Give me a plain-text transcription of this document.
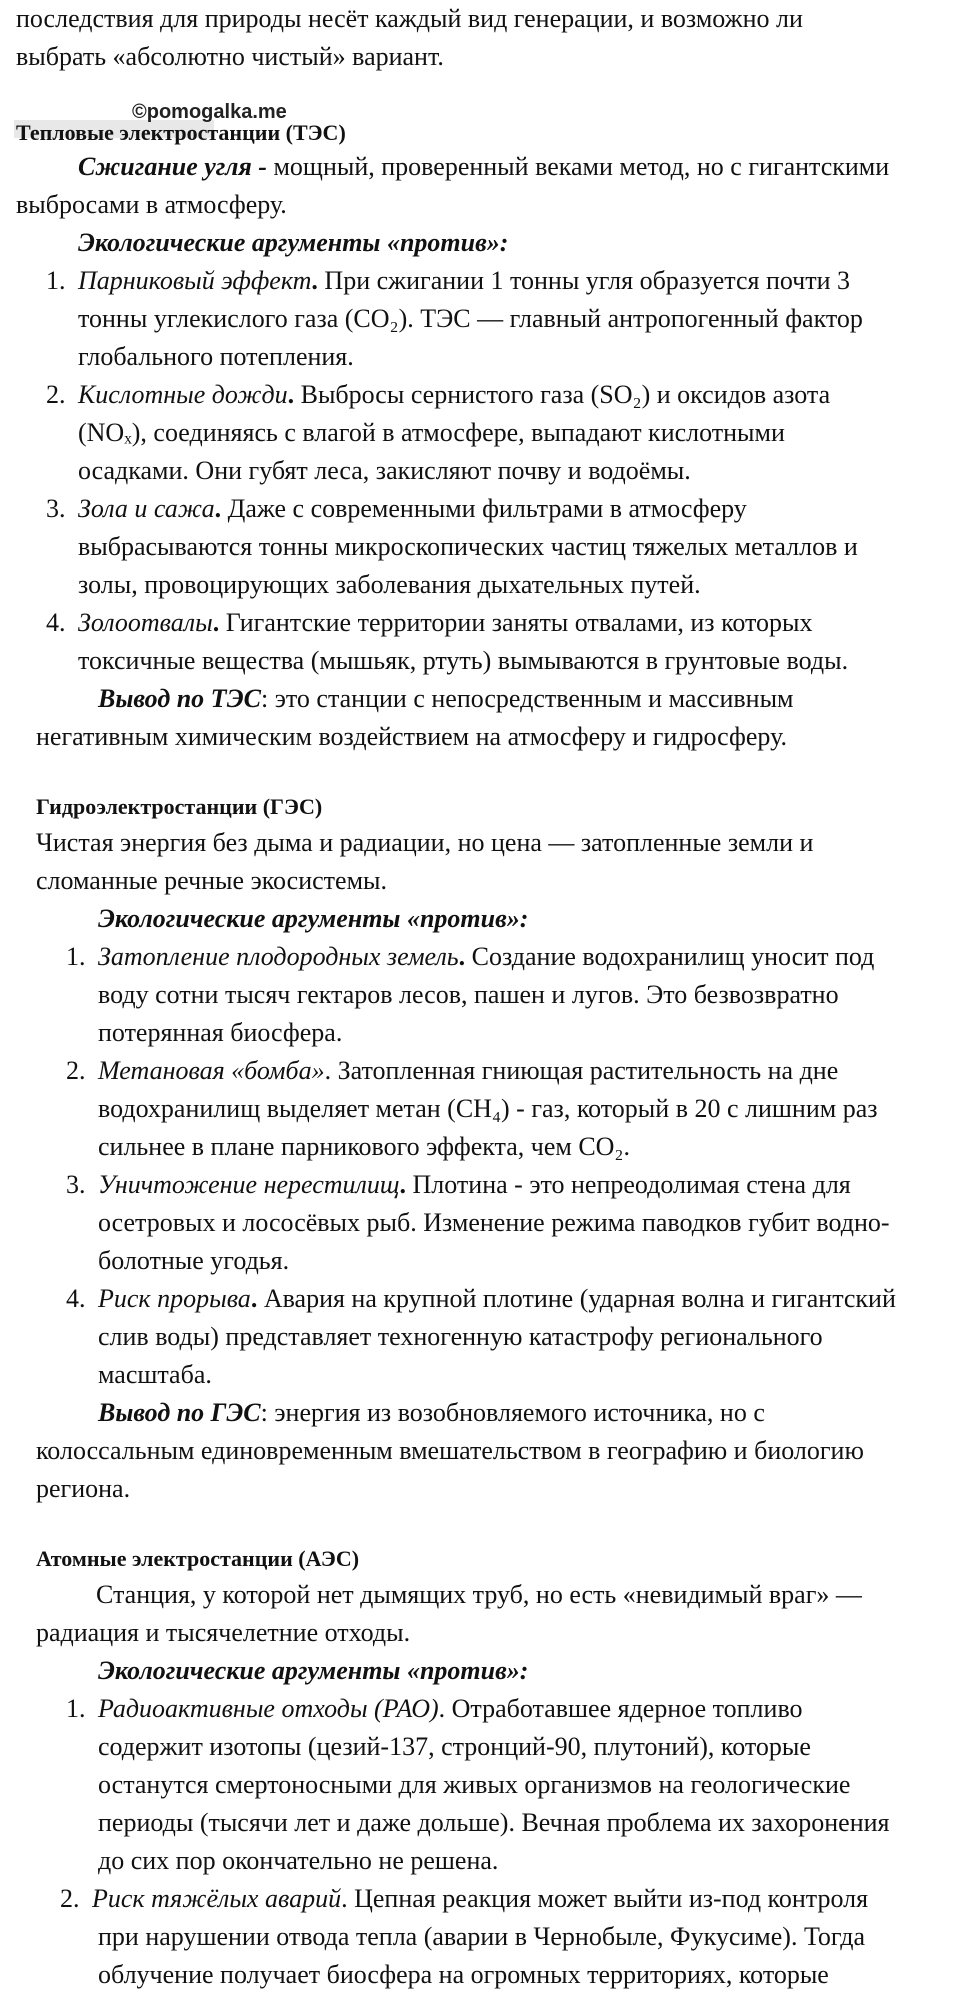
последствия для природы несёт каждый вид генерации, и возможно ли
выбрать «абсолютно чистый» вариант.
©pomogalka.me
Тепловые электростанции (ТЭС)
Сжигание угля - мощный, проверенный веками метод, но с гигантскими
выбросами в атмосферу.
Экологические аргументы «против»:
1. Парниковый эффект. При сжигании 1 тонны угля образуется почти 3
тонны углекислого газа (CO₂). ТЭС — главный антропогенный фактор
глобального потепления.
2. Кислотные дожди. Выбросы сернистого газа (SO₂) и оксидов азота
(NOₓ), соединяясь с влагой в атмосфере, выпадают кислотными
осадками. Они губят леса, закисляют почву и водоёмы.
3. Зола и сажа. Даже с современными фильтрами в атмосферу
выбрасываются тонны микроскопических частиц тяжелых металлов и
золы, провоцирующих заболевания дыхательных путей.
4. Золоотвалы. Гигантские территории заняты отвалами, из которых
токсичные вещества (мышьяк, ртуть) вымываются в грунтовые воды.
Вывод по ТЭС: это станции с непосредственным и массивным
негативным химическим воздействием на атмосферу и гидросферу.
Гидроэлектростанции (ГЭС)
Чистая энергия без дыма и радиации, но цена — затопленные земли и
сломанные речные экосистемы.
Экологические аргументы «против»:
1. Затопление плодородных земель. Создание водохранилищ уносит под
воду сотни тысяч гектаров лесов, пашен и лугов. Это безвозвратно
потерянная биосфера.
2. Метановая «бомба». Затопленная гниющая растительность на дне
водохранилищ выделяет метан (CH₄) - газ, который в 20 с лишним раз
сильнее в плане парникового эффекта, чем CO₂.
3. Уничтожение нерестилищ. Плотина - это непреодолимая стена для
осетровых и лососёвых рыб. Изменение режима паводков губит водно-
болотные угодья.
4. Риск прорыва. Авария на крупной плотине (ударная волна и гигантский
слив воды) представляет техногенную катастрофу регионального
масштаба.
Вывод по ГЭС: энергия из возобновляемого источника, но с
колоссальным единовременным вмешательством в географию и биологию
региона.
Атомные электростанции (АЭС)
Станция, у которой нет дымящих труб, но есть «невидимый враг» —
радиация и тысячелетние отходы.
Экологические аргументы «против»:
1. Радиоактивные отходы (РАО). Отработавшее ядерное топливо
содержит изотопы (цезий-137, стронций-90, плутоний), которые
останутся смертоносными для живых организмов на геологические
периоды (тысячи лет и даже дольше). Вечная проблема их захоронения
до сих пор окончательно не решена.
2. Риск тяжёлых аварий. Цепная реакция может выйти из-под контроля
при нарушении отвода тепла (аварии в Чернобыле, Фукусиме). Тогда
облучение получает биосфера на огромных территориях, которые
